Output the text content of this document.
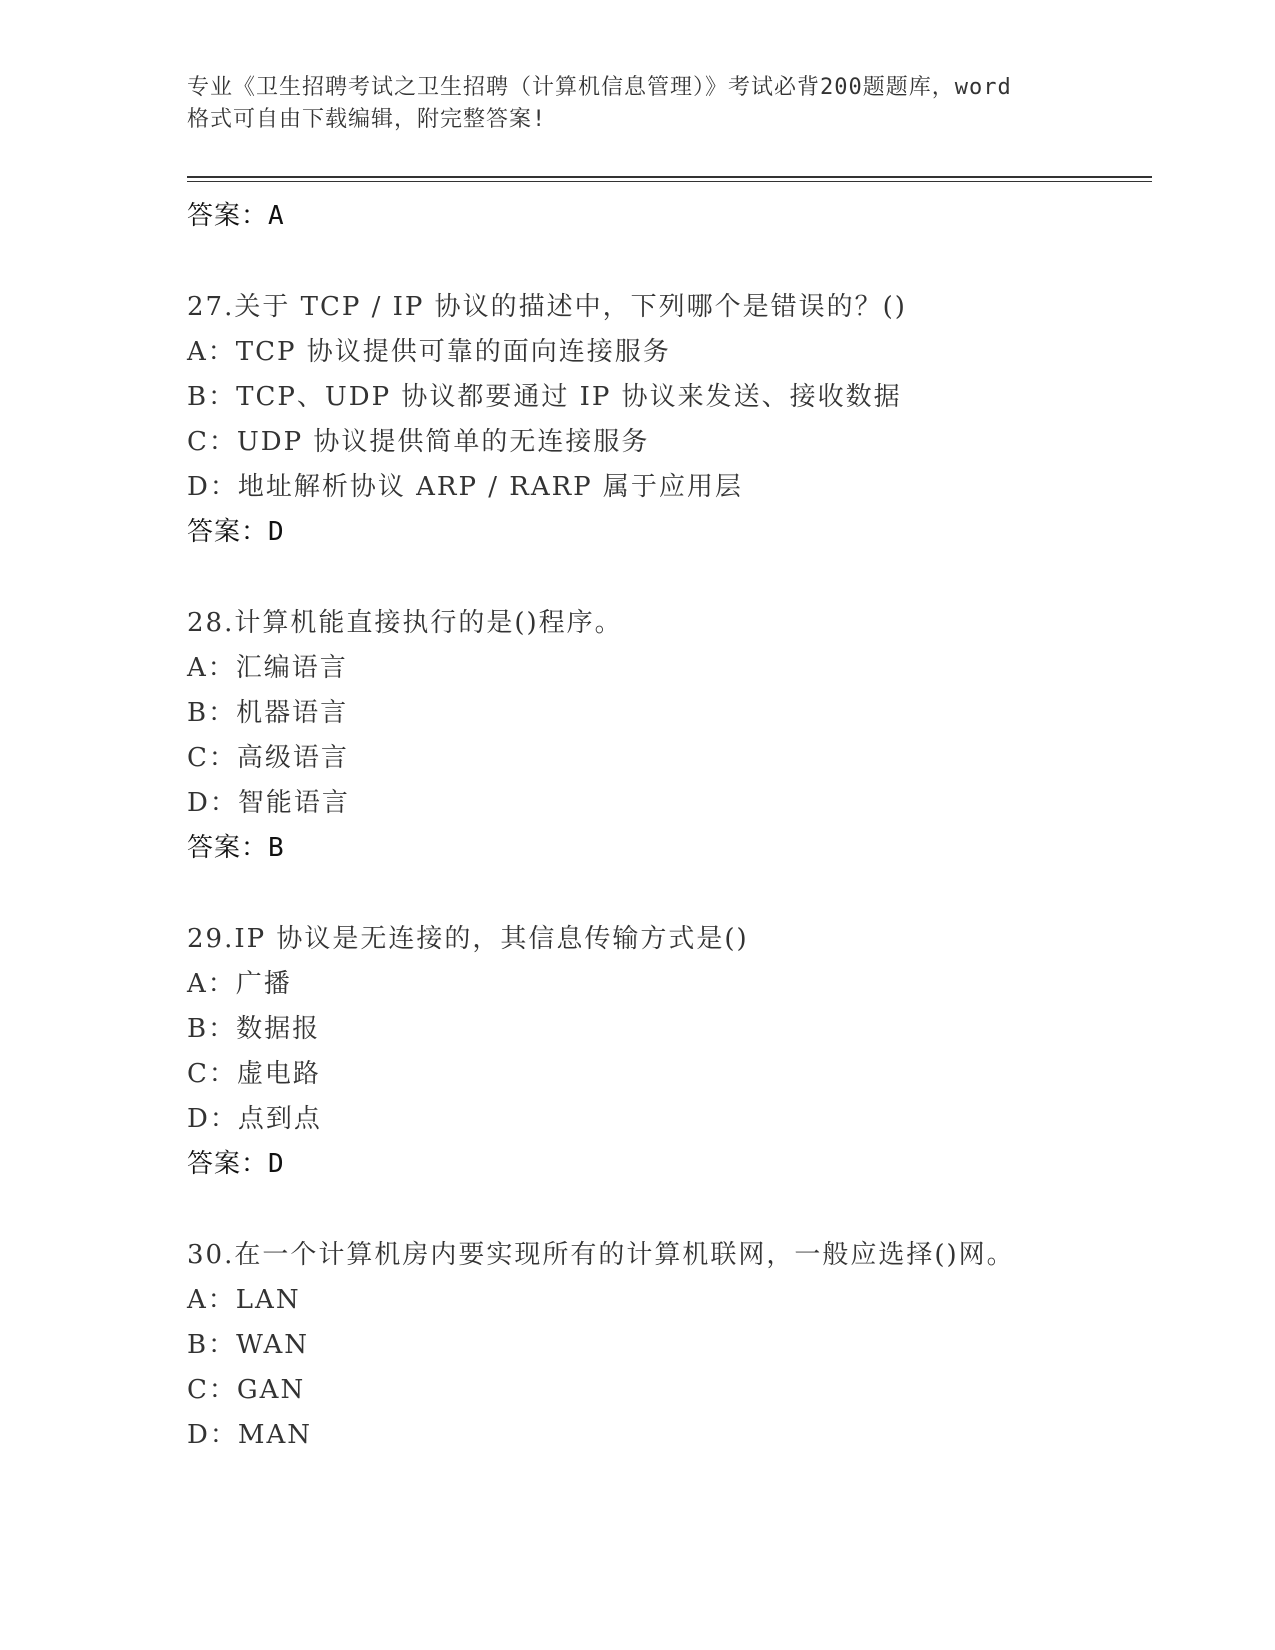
专业《卫生招聘考试之卫生招聘（计算机信息管理）》考试必背200题题库，word
格式可自由下载编辑，附完整答案!

答案：A
27.关于 TCP / IP 协议的描述中，下列哪个是错误的？()
A：TCP 协议提供可靠的面向连接服务
B：TCP、UDP 协议都要通过 IP 协议来发送、接收数据
C：UDP 协议提供简单的无连接服务
D：地址解析协议 ARP / RARP 属于应用层
答案：D
28.计算机能直接执行的是()程序。
A：汇编语言
B：机器语言
C：高级语言
D：智能语言
答案：B
29.IP 协议是无连接的，其信息传输方式是()
A：广播
B：数据报
C：虚电路
D：点到点
答案：D
30.在一个计算机房内要实现所有的计算机联网，一般应选择()网。
A：LAN
B：WAN
C：GAN
D：MAN
